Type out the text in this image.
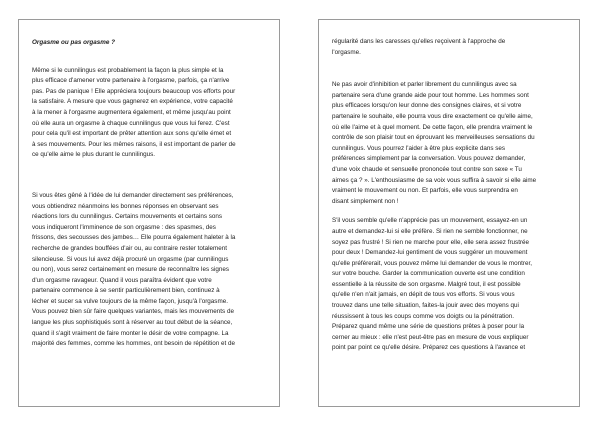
Orgasme ou pas orgasme ?
Même si le cunnilingus est probablement la façon la plus simple et la
plus efficace d'amener votre partenaire à l'orgasme, parfois, ça n'arrive
pas. Pas de panique ! Elle appréciera toujours beaucoup vos efforts pour
la satisfaire. A mesure que vous gagnerez en expérience, votre capacité
à la mener à l'orgasme augmentera également, et même jusqu'au point
où elle aura un orgasme à chaque cunnilingus que vous lui ferez. C'est
pour cela qu'il est important de prêter attention aux sons qu'elle émet et
à ses mouvements. Pour les mêmes raisons, il est important de parler de
ce qu'elle aime le plus durant le cunnilingus.
Si vous êtes gêné à l'idée de lui demander directement ses préférences,
vous obtiendrez néanmoins les bonnes réponses en observant ses
réactions lors du cunnilingus. Certains mouvements et certains sons
vous indiqueront l'imminence de son orgasme : des spasmes, des
frissons, des secousses des jambes… Elle pourra également haleter à la
recherche de grandes bouffées d'air ou, au contraire rester totalement
silencieuse. Si vous lui avez déjà procuré un orgasme (par cunnilingus
ou non), vous serez certainement en mesure de reconnaître les signes
d'un orgasme ravageur. Quand il vous paraîtra évident que votre
partenaire commence à se sentir particulièrement bien, continuez à
lécher et sucer sa vulve toujours de la même façon, jusqu'à l'orgasme.
Vous pouvez bien sûr faire quelques variantes, mais les mouvements de
langue les plus sophistiqués sont à réserver au tout début de la séance,
quand il s'agit vraiment de faire monter le désir de votre compagne. La
majorité des femmes, comme les hommes, ont besoin de répétition et de
régularité dans les caresses qu'elles reçoivent à l'approche de
l'orgasme.
Ne pas avoir d'inhibition et parler librement du cunnilingus avec sa
partenaire sera d'une grande aide pour tout homme. Les hommes sont
plus efficaces lorsqu'on leur donne des consignes claires, et si votre
partenaire le souhaite, elle pourra vous dire exactement ce qu'elle aime,
où elle l'aime et à quel moment. De cette façon, elle prendra vraiment le
contrôle de son plaisir tout en éprouvant les merveilleuses sensations du
cunnilingus. Vous pourrez l'aider à être plus explicite dans ses
préférences simplement par la conversation. Vous pouvez demander,
d'une voix chaude et sensuelle prononcée tout contre son sexe « Tu
aimes ça ? ». L'enthousiasme de sa voix vous suffira à savoir si elle aime
vraiment le mouvement ou non. Et parfois, elle vous surprendra en
disant simplement non !
S'il vous semble qu'elle n'apprécie pas un mouvement, essayez-en un
autre et demandez-lui si elle préfère. Si rien ne semble fonctionner, ne
soyez pas frustré ! Si rien ne marche pour elle, elle sera assez frustrée
pour deux ! Demandez-lui gentiment de vous suggérer un mouvement
qu'elle préférerait, vous pouvez même lui demander de vous le montrer,
sur votre bouche. Garder la communication ouverte est une condition
essentielle à la réussite de son orgasme. Malgré tout, il est possible
qu'elle n'en n'ait jamais, en dépit de tous vos efforts. Si vous vous
trouvez dans une telle situation, faites-la jouir avec des moyens qui
réussissent à tous les coups comme vos doigts ou la pénétration.
Préparez quand même une série de questions prêtes à poser pour la
cerner au mieux : elle n'est peut-être pas en mesure de vous expliquer
point par point ce qu'elle désire. Préparez ces questions à l'avance et
